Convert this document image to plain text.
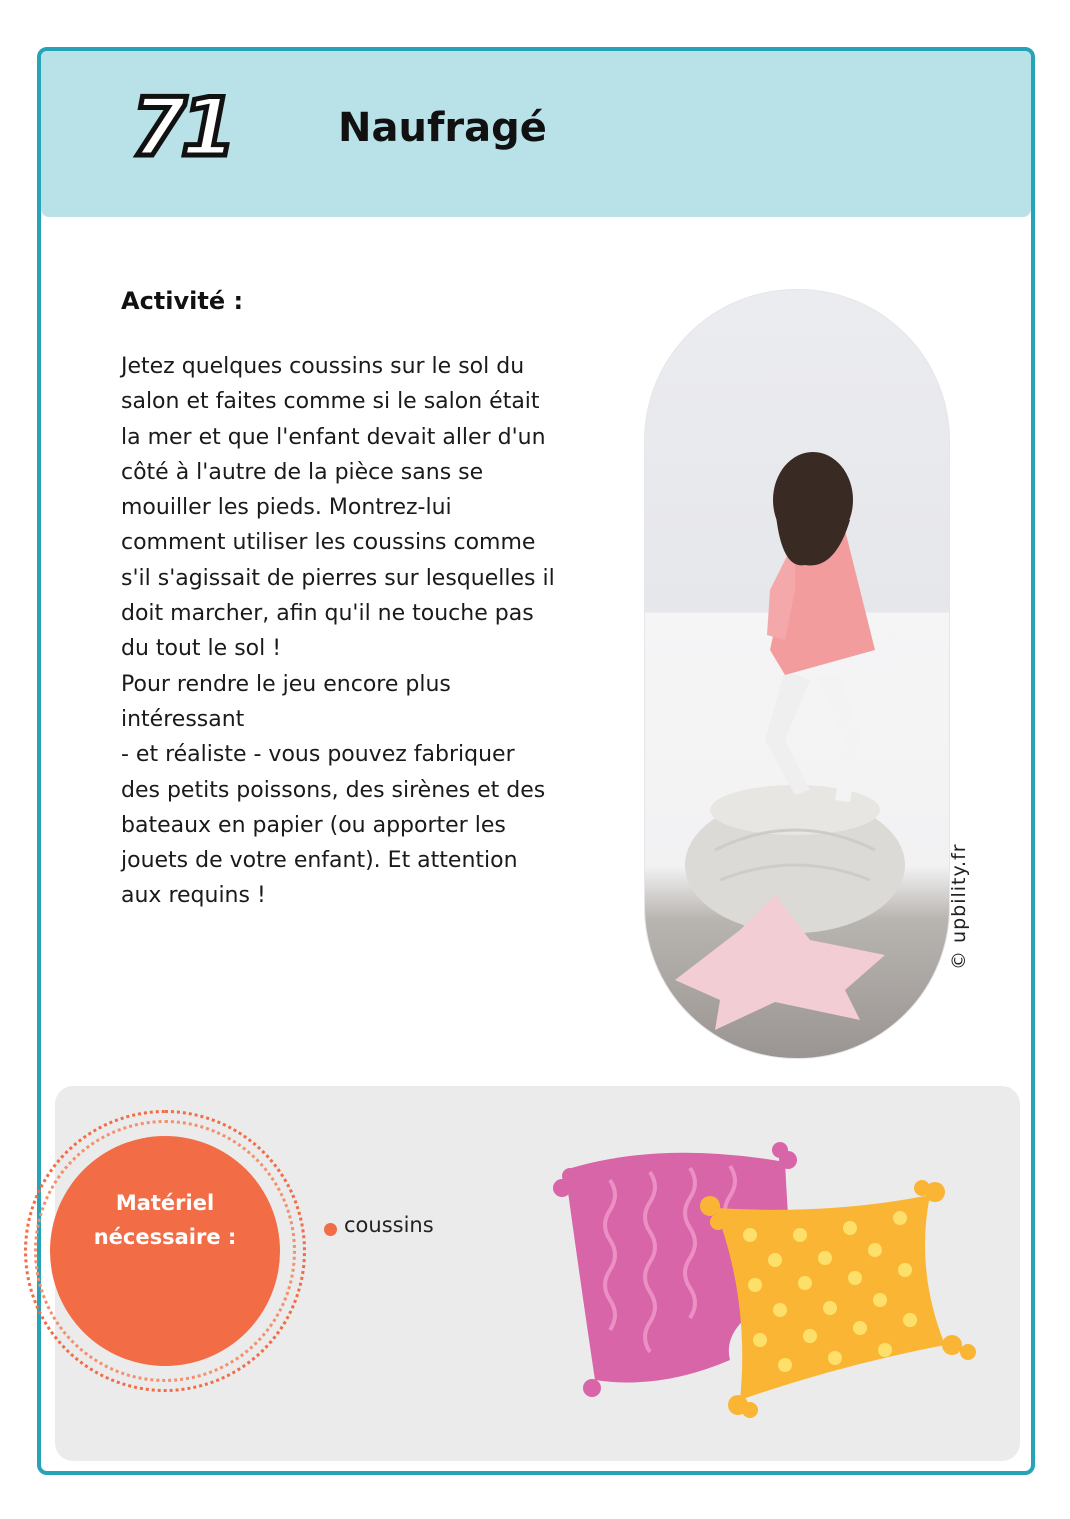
71	Naufragé
Activité :
Jetez quelques coussins sur le sol du
salon et faites comme si le salon était
la mer et que l'enfant devait aller d'un
côté à l'autre de la pièce sans se
mouiller les pieds. Montrez-lui
comment utiliser les coussins comme
s'il s'agissait de pierres sur lesquelles il
doit marcher, afin qu'il ne touche pas
du tout le sol !
Pour rendre le jeu encore plus
intéressant
- et réaliste - vous pouvez fabriquer
des petits poissons, des sirènes et des
bateaux en papier (ou apporter les
jouets de votre enfant). Et attention
aux requins !	© upbility.fr
Matériel
nécessaire :	coussins
